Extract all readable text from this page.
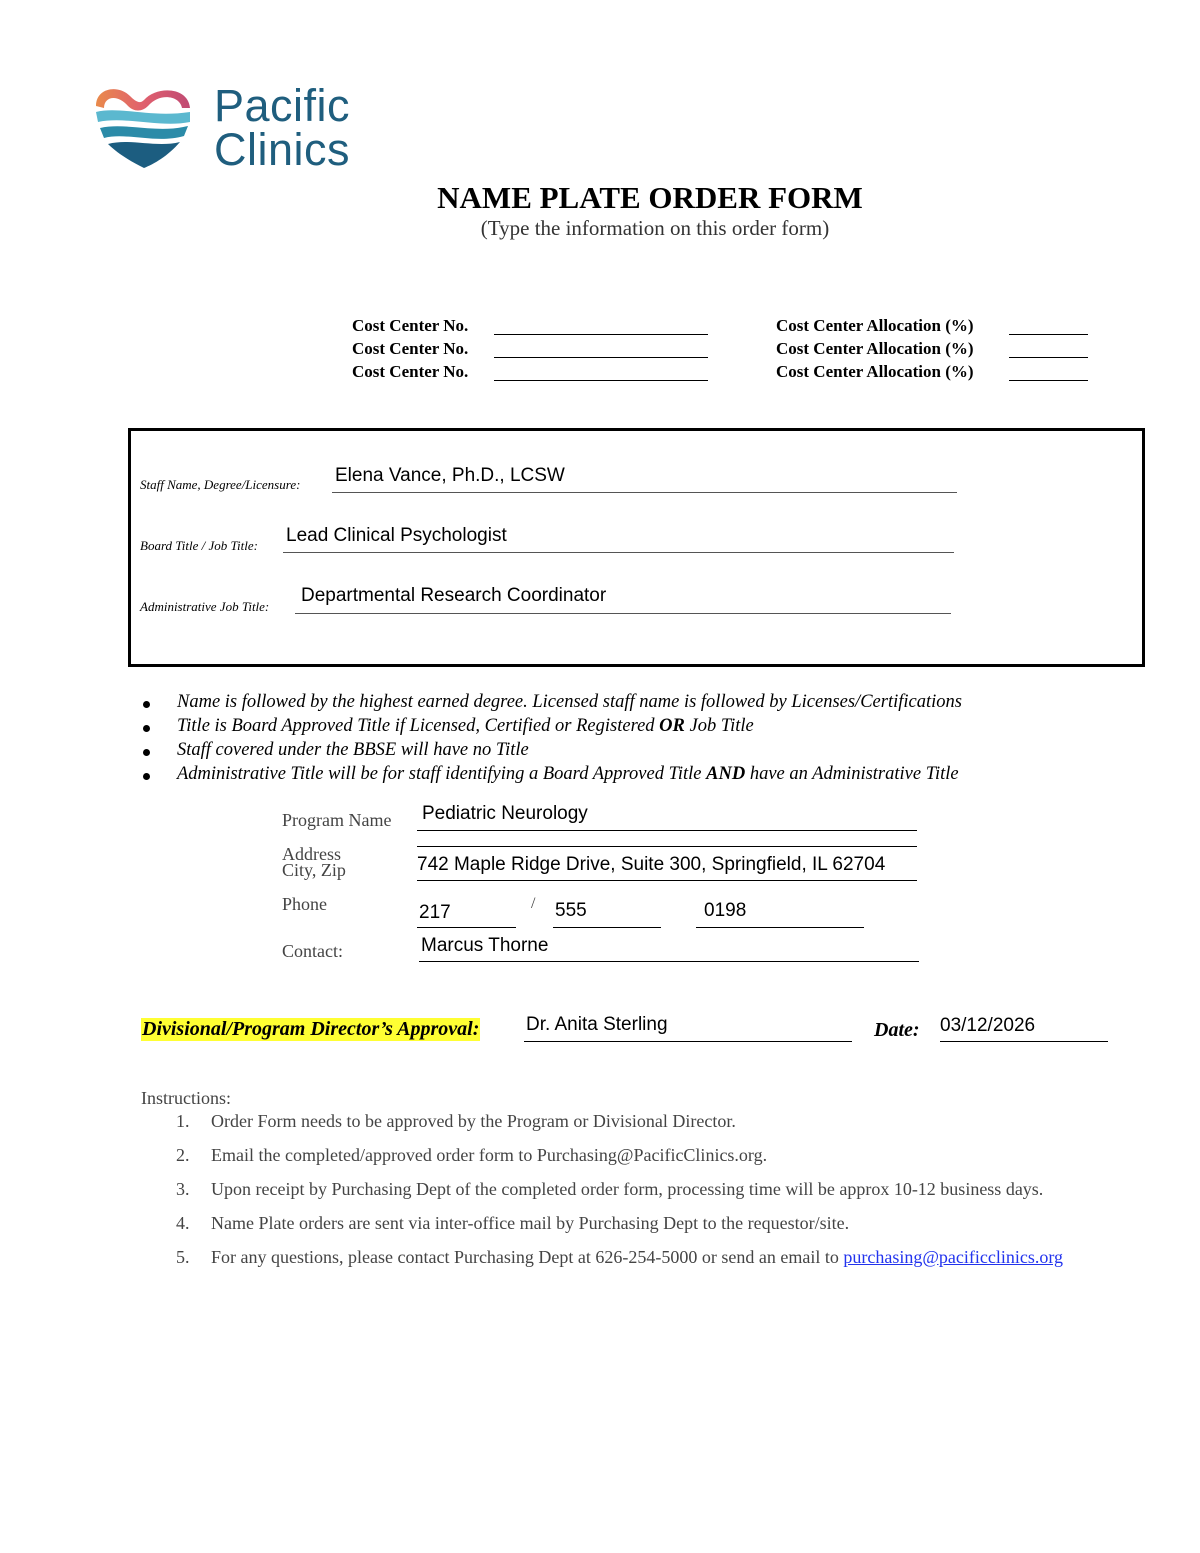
Pacific
Clinics
NAME PLATE ORDER FORM
(Type the information on this order form)
Cost Center No.	Cost Center Allocation (%)
Cost Center No.	Cost Center Allocation (%)
Cost Center No.	Cost Center Allocation (%)
Staff Name, Degree/Licensure: Elena Vance, Ph.D., LCSW
Board Title / Job Title: Lead Clinical Psychologist
Administrative Job Title:
Departmental Research Coordinator
Name is followed by the highest earned degree. Licensed staff name is followed by Licenses/Certifications
Title is Board Approved Title if Licensed, Certified or Registered OR Job Title
Staff covered under the BBSE will have no Title
Administrative Title will be for staff identifying a Board Approved Title AND have an Administrative Title
Program Name Pediatric Neurology
Address
City, Zip	742 Maple Ridge Drive, Suite 300, Springfield, IL 62704
Phone	217	/ 555	0198
Contact:	Marcus Thorne
Divisional/Program Director’s Approval: Dr. Anita Sterling	Date: 03/12/2026
Instructions:
1. Order Form needs to be approved by the Program or Divisional Director.
2. Email the completed/approved order form to Purchasing@PacificClinics.org.
3. Upon receipt by Purchasing Dept of the completed order form, processing time will be approx 10-12 business days.
4. Name Plate orders are sent via inter-office mail by Purchasing Dept to the requestor/site.
5. For any questions, please contact Purchasing Dept at 626-254-5000 or send an email to purchasing@pacificclinics.org
